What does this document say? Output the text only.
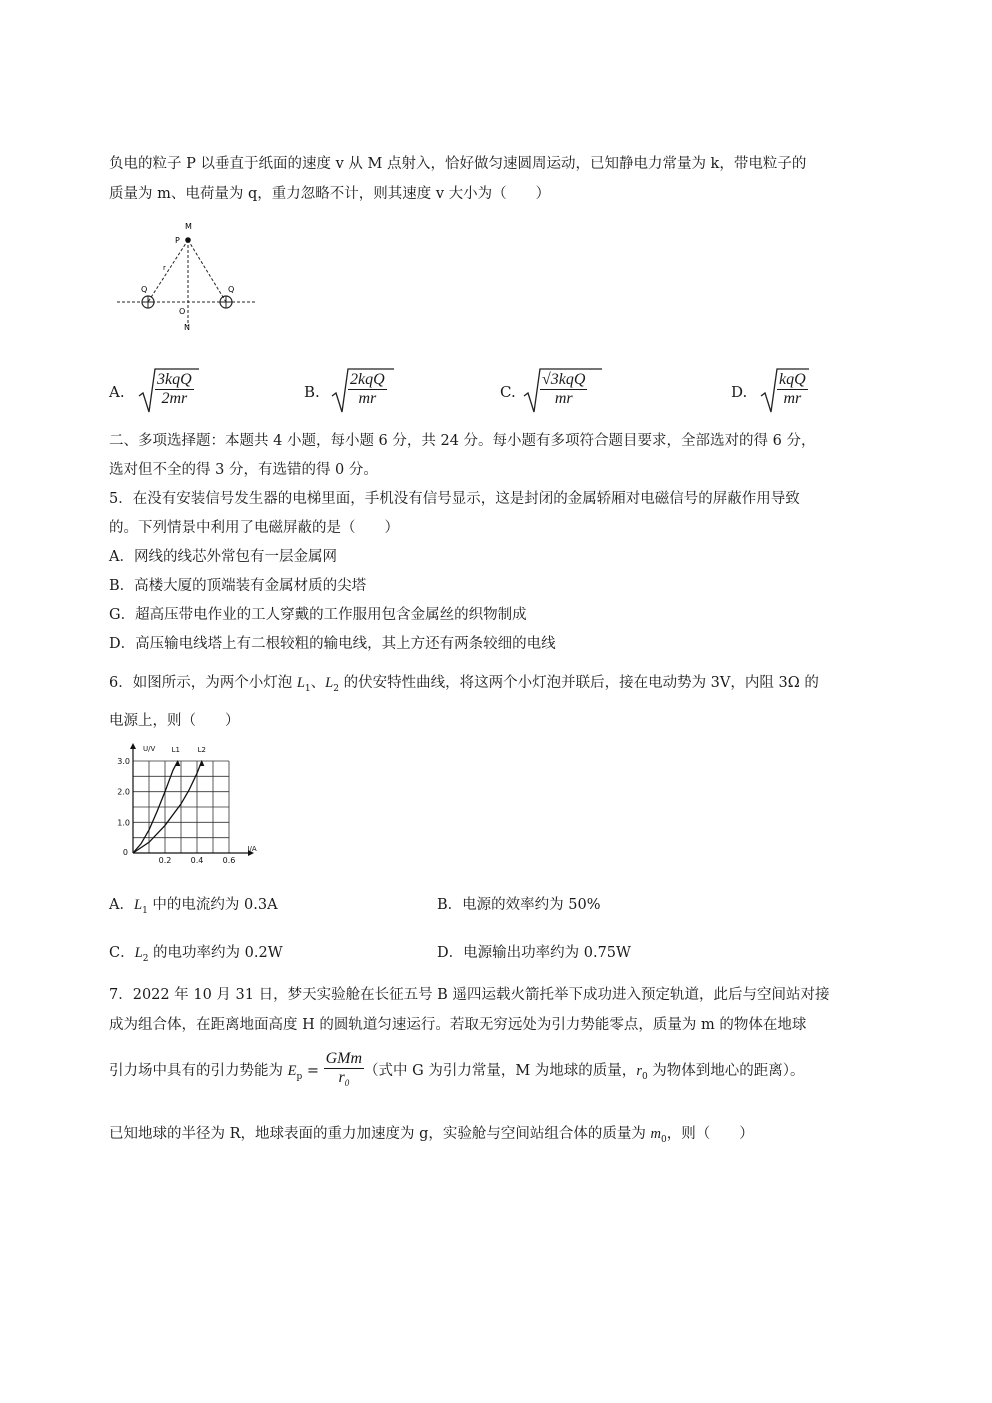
负电的粒子 P 以垂直于纸面的速度 v 从 M 点射入，恰好做匀速圆周运动，已知静电力常量为 k，带电粒子的
质量为 m、电荷量为 q，重力忽略不计，则其速度 v 大小为（　　）
M
P
Q	Q
O
N
r
A.
3kqQ
2mr	B.
2kqQ
mr	C.
√3kqQ
mr	D.
kqQ
mr
二、多项选择题：本题共 4 小题，每小题 6 分，共 24 分。每小题有多项符合题目要求，全部选对的得 6 分，
选对但不全的得 3 分，有选错的得 0 分。
5．在没有安装信号发生器的电梯里面，手机没有信号显示，这是封闭的金属轿厢对电磁信号的屏蔽作用导致
的。下列情景中利用了电磁屏蔽的是（　　）
A．网线的线芯外常包有一层金属网
B．高楼大厦的顶端装有金属材质的尖塔
G．超高压带电作业的工人穿戴的工作服用包含金属丝的织物制成
D．高压输电线塔上有二根较粗的输电线，其上方还有两条较细的电线
6．如图所示，为两个小灯泡 $L_1$、$L_2$ 的伏安特性曲线，将这两个小灯泡并联后，接在电动势为 3V，内阻 3Ω 的
电源上，则（　　）
0.2 0.4 0.6
1.0
2.0
3.0
0	I/A
U/V L1	L2
A．$L_1$ 中的电流约为 0.3A	B．电源的效率约为 50%
C．$L_2$ 的电功率约为 0.2W	D．电源输出功率约为 0.75W
7．2022 年 10 月 31 日，梦天实验舱在长征五号 B 遥四运载火箭托举下成功进入预定轨道，此后与空间站对接
成为组合体，在距离地面高度 H 的圆轨道匀速运行。若取无穷远处为引力势能零点，质量为 m 的物体在地球
引力场中具有的引力势能为 $E_p = \frac{\text{GMm}}{r_0}$ （式中 G 为引力常量，M 为地球的质量，$r_0$ 为物体到地心的距离）。
已知地球的半径为 R，地球表面的重力加速度为 g，实验舱与空间站组合体的质量为 $m_0$，则（　　）
